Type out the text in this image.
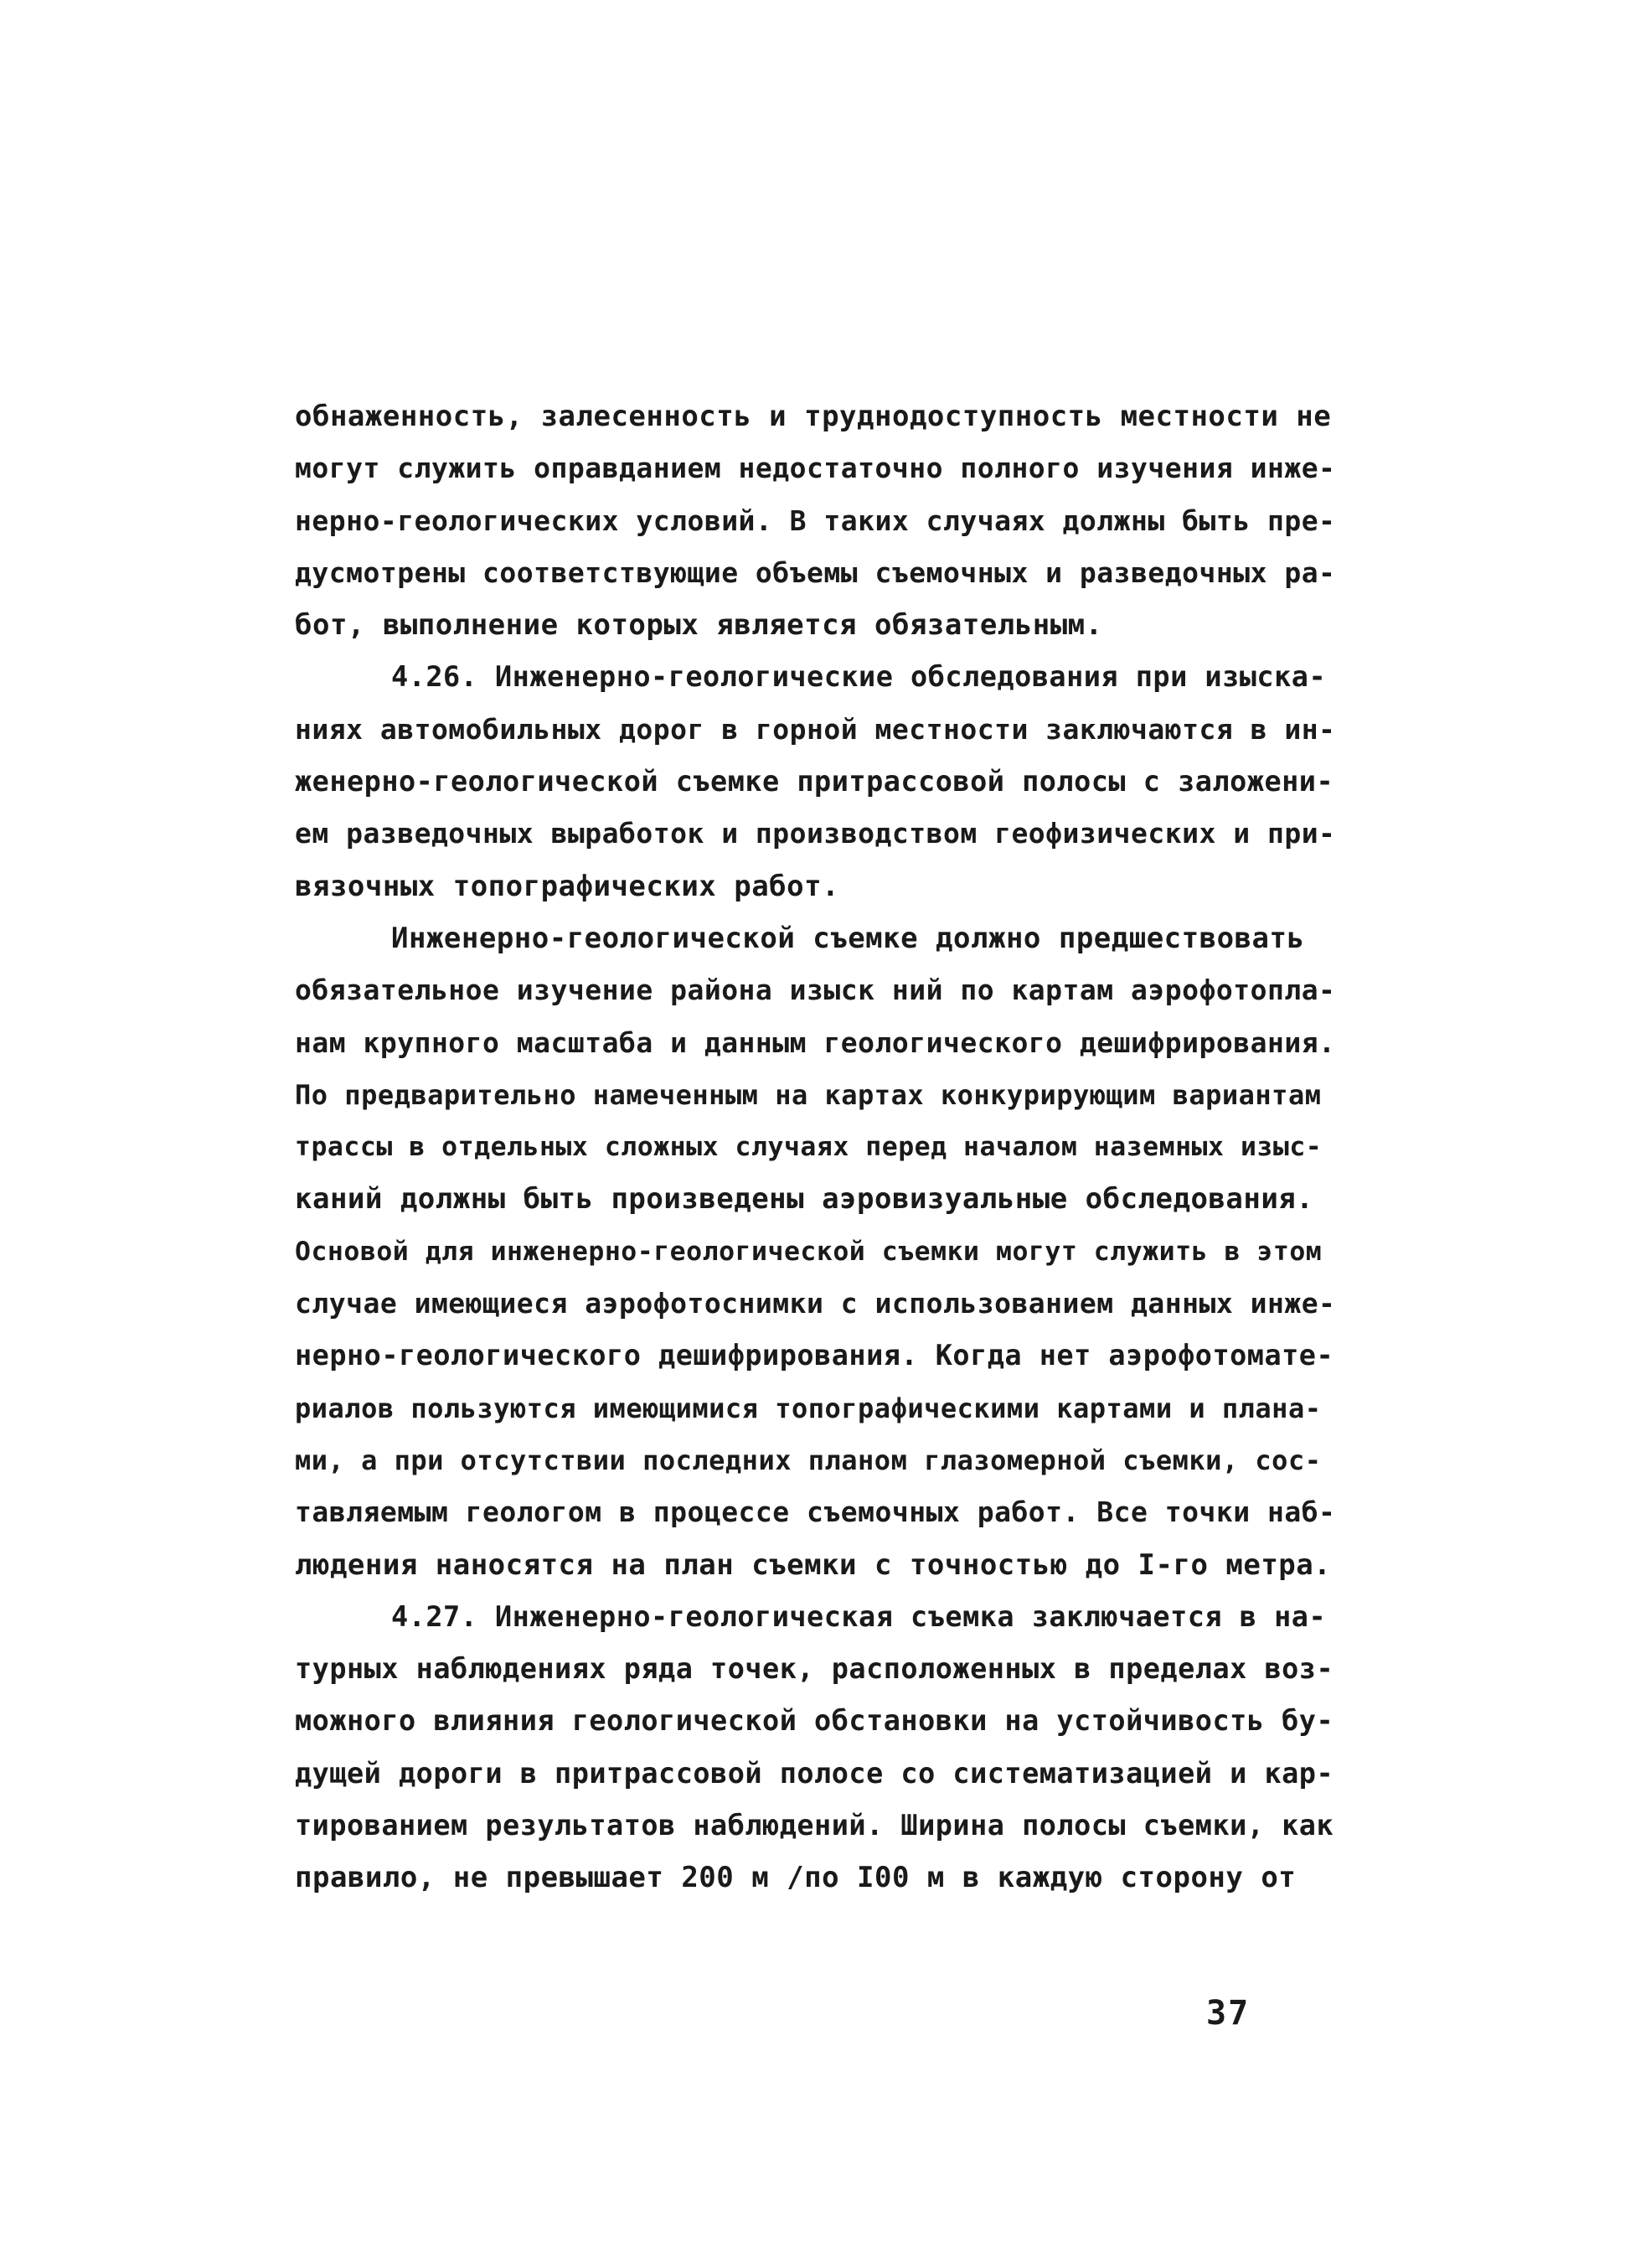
обнаженность, залесенность и труднодоступность местности не
могут служить оправданием недостаточно полного изучения инже-
нерно-геологических условий. В таких случаях должны быть пре-
дусмотрены соответствующие объемы съемочных и разведочных ра-
бот, выполнение которых является обязательным.
4.26. Инженерно-геологические обследования при изыска-
ниях автомобильных дорог в горной местности заключаются в ин-
женерно-геологической съемке притрассовой полосы с заложени-
ем разведочных выработок и производством геофизических и при-
вязочных топографических работ.
Инженерно-геологической съемке должно предшествовать
обязательное изучение района изыск ний по картам аэрофотопла-
нам крупного масштаба и данным геологического дешифрирования.
По предварительно намеченным на картах конкурирующим вариантам
трассы в отдельных сложных случаях перед началом наземных изыс-
каний должны быть произведены аэровизуальные обследования.
Основой для инженерно-геологической съемки могут служить в этом
случае имеющиеся аэрофотоснимки с использованием данных инже-
нерно-геологического дешифрирования. Когда нет аэрофотомате-
риалов пользуются имеющимися топографическими картами и плана-
ми, а при отсутствии последних планом глазомерной съемки, сос-
тавляемым геологом в процессе съемочных работ. Все точки наб-
людения наносятся на план съемки с точностью до I-го метра.
4.27. Инженерно-геологическая съемка заключается в на-
турных наблюдениях ряда точек, расположенных в пределах воз-
можного влияния геологической обстановки на устойчивость бу-
дущей дороги в притрассовой полосе со систематизацией и кар-
тированием результатов наблюдений. Ширина полосы съемки, как
правило, не превышает 200 м /по I00 м в каждую сторону от
37
